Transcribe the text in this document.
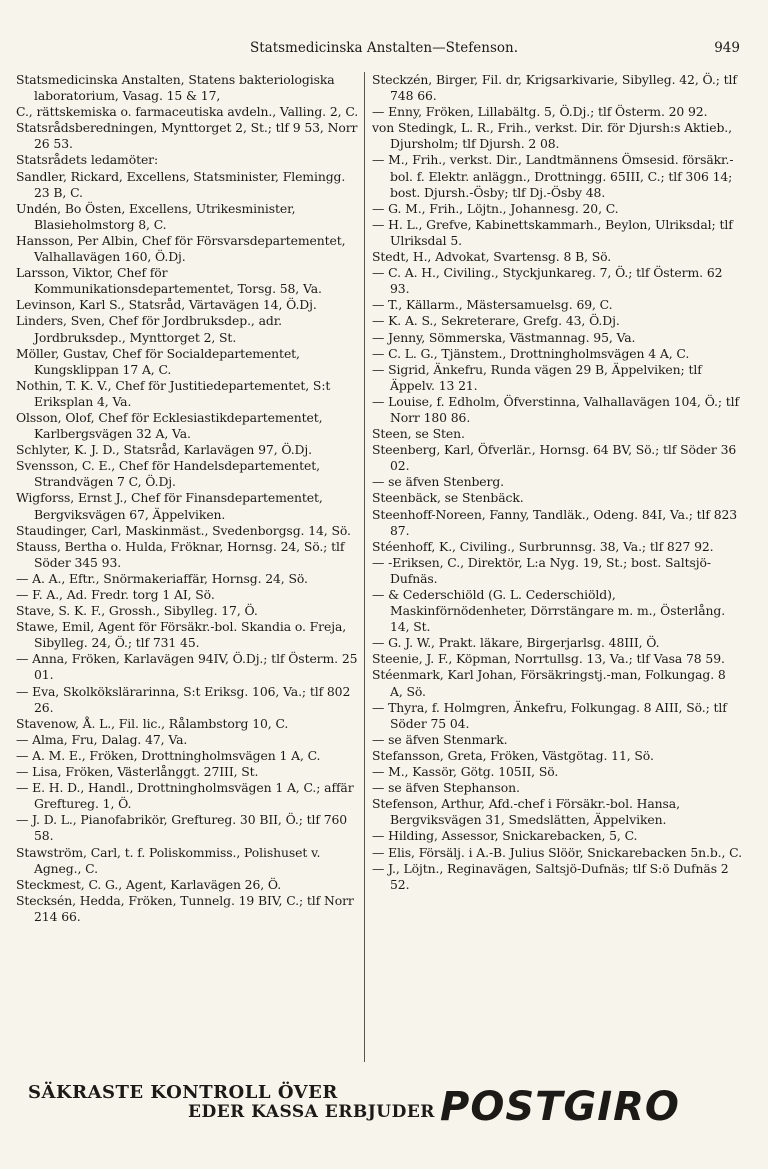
Statsmedicinska Anstalten—Stefenson.	949

Statsmedicinska Anstalten, Statens bakteriologiska laboratorium, Vasag. 15 & 17,

C., rättskemiska o. farmaceutiska avdeln., Valling. 2, C.

Statsrådsberedningen, Mynttorget 2, St.; tlf 9 53, Norr 26 53.

Statsrådets ledamöter:

Sandler, Rickard, Excellens, Statsminister, Flemingg. 23 B, C.

Undén, Bo Östen, Excellens, Utrikesminister, Blasieholmstorg 8, C.

Hansson, Per Albin, Chef för Försvarsdepartementet, Valhallavägen 160, Ö.Dj.

Larsson, Viktor, Chef för Kommunikationsdepartementet, Torsg. 58, Va.

Levinson, Karl S., Statsråd, Värtavägen 14, Ö.Dj.

Linders, Sven, Chef för Jordbruksdep., adr. Jordbruksdep., Mynttorget 2, St.

Möller, Gustav, Chef för Socialdepartementet, Kungsklippan 17 A, C.

Nothin, T. K. V., Chef för Justitiedepartementet, S:t Eriksplan 4, Va.

Olsson, Olof, Chef för Ecklesiastikdepartementet, Karlbergsvägen 32 A, Va.

Schlyter, K. J. D., Statsråd, Karlavägen 97, Ö.Dj.

Svensson, C. E., Chef för Handelsdepartementet, Strandvägen 7 C, Ö.Dj.

Wigforss, Ernst J., Chef för Finansdepartementet, Bergviksvägen 67, Äppelviken.

Staudinger, Carl, Maskinmäst., Svedenborgsg. 14, Sö.

Stauss, Bertha o. Hulda, Fröknar, Hornsg. 24, Sö.; tlf Söder 345 93.

— A. A., Eftr., Snörmakeriaffär, Hornsg. 24, Sö.

— F. A., Ad. Fredr. torg 1 AI, Sö.

Stave, S. K. F., Grossh., Sibylleg. 17, Ö.

Stawe, Emil, Agent för Försäkr.-bol. Skandia o. Freja, Sibylleg. 24, Ö.; tlf 731 45.

— Anna, Fröken, Karlavägen 94IV, Ö.Dj.; tlf Österm. 25 01.

— Eva, Skolkökslärarinna, S:t Eriksg. 106, Va.; tlf 802 26.

Stavenow, Å. L., Fil. lic., Rålambstorg 10, C.

— Alma, Fru, Dalag. 47, Va.

— A. M. E., Fröken, Drottningholmsvägen 1 A, C.

— Lisa, Fröken, Västerlånggt. 27III, St.

— E. H. D., Handl., Drottningholmsvägen 1 A, C.; affär Greftureg. 1, Ö.

— J. D. L., Pianofabrikör, Greftureg. 30 BII, Ö.; tlf 760 58.

Stawström, Carl, t. f. Poliskommiss., Polishuset v. Agneg., C.

Steckmest, C. G., Agent, Karlavägen 26, Ö.

Stecksén, Hedda, Fröken, Tunnelg. 19 BIV, C.; tlf Norr 214 66.

Steckzén, Birger, Fil. dr, Krigsarkivarie, Sibylleg. 42, Ö.; tlf 748 66.

— Enny, Fröken, Lillabältg. 5, Ö.Dj.; tlf Österm. 20 92.

von Stedingk, L. R., Frih., verkst. Dir. för Djursh:s Aktieb., Djursholm; tlf Djursh. 2 08.

— M., Frih., verkst. Dir., Landtmännens Ömsesid. försäkr.-bol. f. Elektr. anläggn., Drottningg. 65III, C.; tlf 306 14; bost. Djursh.-Ösby; tlf Dj.-Ösby 48.

— G. M., Frih., Löjtn., Johannesg. 20, C.

— H. L., Grefve, Kabinettskammarh., Beylon, Ulriksdal; tlf Ulriksdal 5.

Stedt, H., Advokat, Svartensg. 8 B, Sö.

— C. A. H., Civiling., Styckjunkareg. 7, Ö.; tlf Österm. 62 93.

— T., Källarm., Mästersamuelsg. 69, C.

— K. A. S., Sekreterare, Grefg. 43, Ö.Dj.

— Jenny, Sömmerska, Västmannag. 95, Va.

— C. L. G., Tjänstem., Drottningholmsvägen 4 A, C.

— Sigrid, Änkefru, Runda vägen 29 B, Äppelviken; tlf Äppelv. 13 21.

— Louise, f. Edholm, Öfverstinna, Valhallavägen 104, Ö.; tlf Norr 180 86.

Steen, se Sten.

Steenberg, Karl, Öfverlär., Hornsg. 64 BV, Sö.; tlf Söder 36 02.

— se äfven Stenberg.

Steenbäck, se Stenbäck.

Steenhoff-Noreen, Fanny, Tandläk., Odeng. 84I, Va.; tlf 823 87.

Stéenhoff, K., Civiling., Surbrunnsg. 38, Va.; tlf 827 92.

— -Eriksen, C., Direktör, L:a Nyg. 19, St.; bost. Saltsjö-Dufnäs.

— & Cederschiöld (G. L. Cederschiöld), Maskinförnödenheter, Dörrstängare m. m., Österlång. 14, St.

— G. J. W., Prakt. läkare, Birgerjarlsg. 48III, Ö.

Steenie, J. F., Köpman, Norrtullsg. 13, Va.; tlf Vasa 78 59.

Stéenmark, Karl Johan, Försäkringstj.-man, Folkungag. 8 A, Sö.

— Thyra, f. Holmgren, Änkefru, Folkungag. 8 AIII, Sö.; tlf Söder 75 04.

— se äfven Stenmark.

Stefansson, Greta, Fröken, Västgötag. 11, Sö.

— M., Kassör, Götg. 105II, Sö.

— se äfven Stephanson.

Stefenson, Arthur, Afd.-chef i Försäkr.-bol. Hansa, Bergviksvägen 31, Smedslätten, Äppelviken.

— Hilding, Assessor, Snickarebacken, 5, C.

— Elis, Försälj. i A.-B. Julius Slöör, Snickarebacken 5n.b., C.

— J., Löjtn., Reginavägen, Saltsjö-Dufnäs; tlf S:ö Dufnäs 2 52.

SÄKRASTE KONTROLL ÖVER
EDER KASSA ERBJUDER POSTGIRO
